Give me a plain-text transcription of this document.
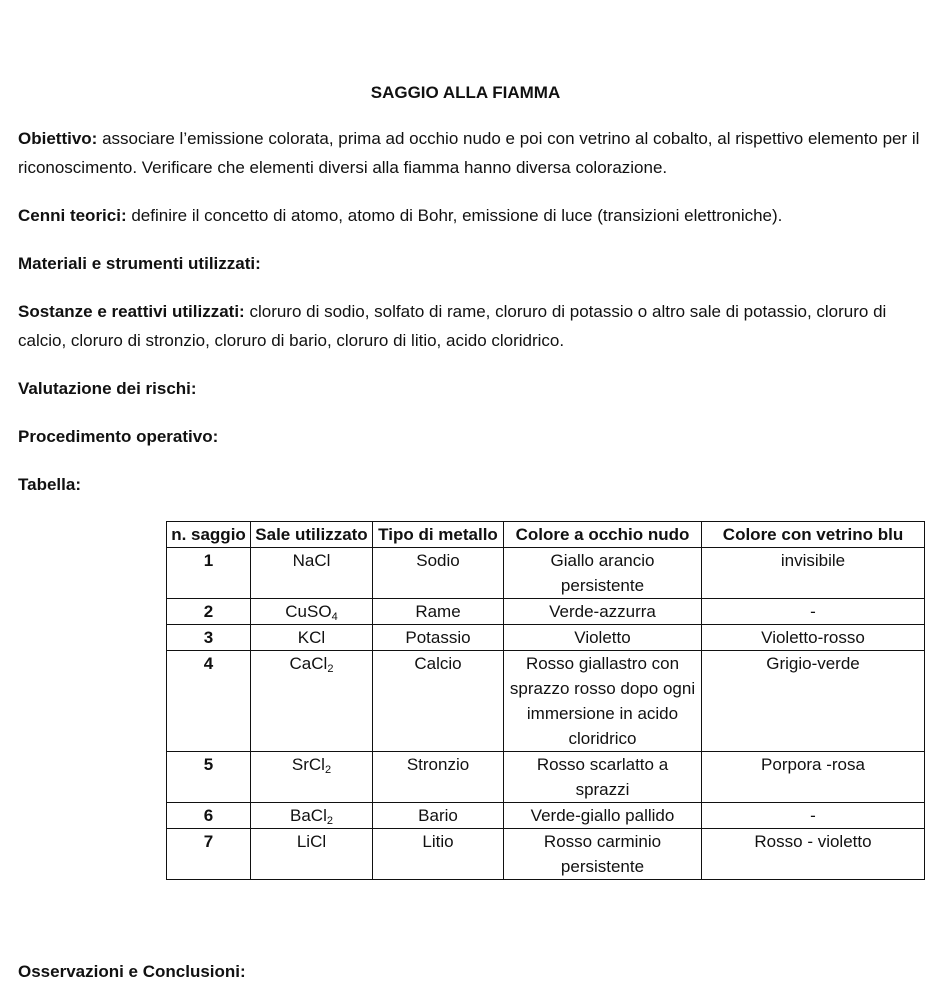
SAGGIO ALLA FIAMMA
Obiettivo: associare l’emissione colorata, prima ad occhio nudo e poi con vetrino al cobalto, al rispettivo elemento per il riconoscimento. Verificare che elementi diversi alla fiamma hanno diversa colorazione.
Cenni teorici: definire il concetto di atomo, atomo di Bohr, emissione di luce (transizioni elettroniche).
Materiali e strumenti utilizzati:
Sostanze e reattivi utilizzati: cloruro di sodio, solfato di rame, cloruro di potassio o altro sale di potassio, cloruro di calcio, cloruro di stronzio, cloruro di bario, cloruro di litio, acido cloridrico.
Valutazione dei rischi:
Procedimento operativo:
Tabella:
n. saggio	Sale utilizzato	Tipo di metallo	Colore a occhio nudo	Colore con vetrino blu
1	NaCl	Sodio	Giallo arancio persistente	invisibile
2	CuSO$_4$	Rame	Verde-azzurra	-
3	KCl	Potassio	Violetto	Violetto-rosso
4	CaCl$_2$	Calcio	Rosso giallastro con sprazzo rosso dopo ogni immersione in acido cloridrico	Grigio-verde
5	SrCl$_2$	Stronzio	Rosso scarlatto a sprazzi	Porpora -rosa
6	BaCl$_2$	Bario	Verde-giallo pallido	-
7	LiCl	Litio	Rosso carminio persistente	Rosso - violetto
Osservazioni e Conclusioni:
